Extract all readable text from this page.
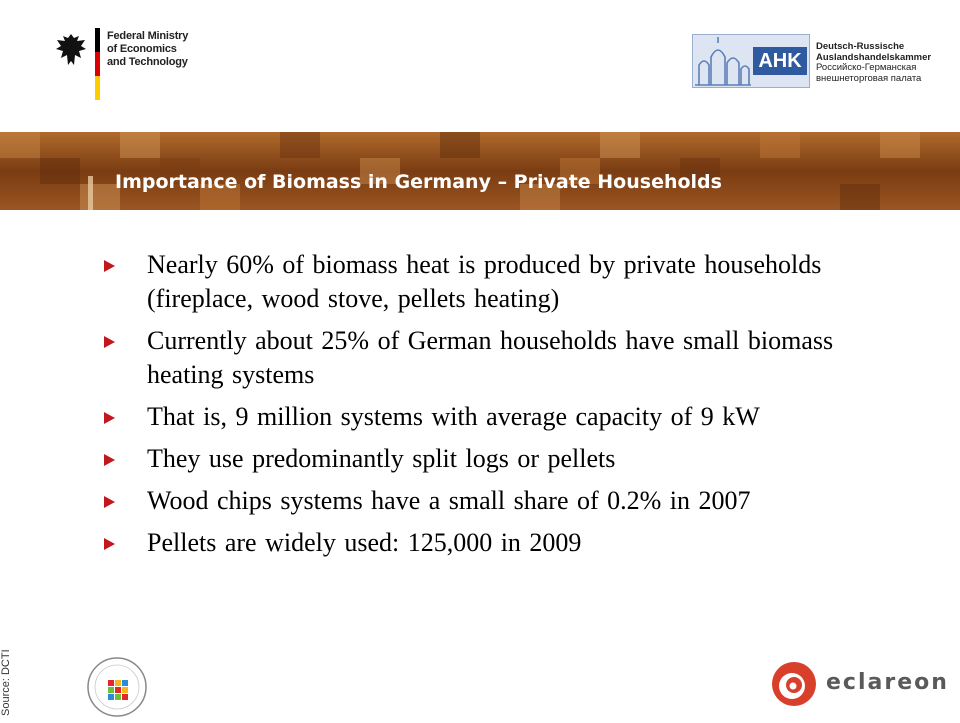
Federal Ministry
of Economics
and Technology	AHK
Deutsch-Russische
Auslandshandelskammer
Российско-Германская
внешнеторговая палата
Importance of Biomass in Germany – Private Households
Nearly 60% of biomass heat is produced by private households (fireplace, wood stove, pellets heating)
Currently about 25% of German households have small biomass heating systems
That is, 9 million systems with average capacity of 9 kW
They use predominantly split logs or pellets
Wood chips systems have a small share of 0.2% in 2007
Pellets are widely used: 125,000 in 2009
Source: DCTI	eclareon
